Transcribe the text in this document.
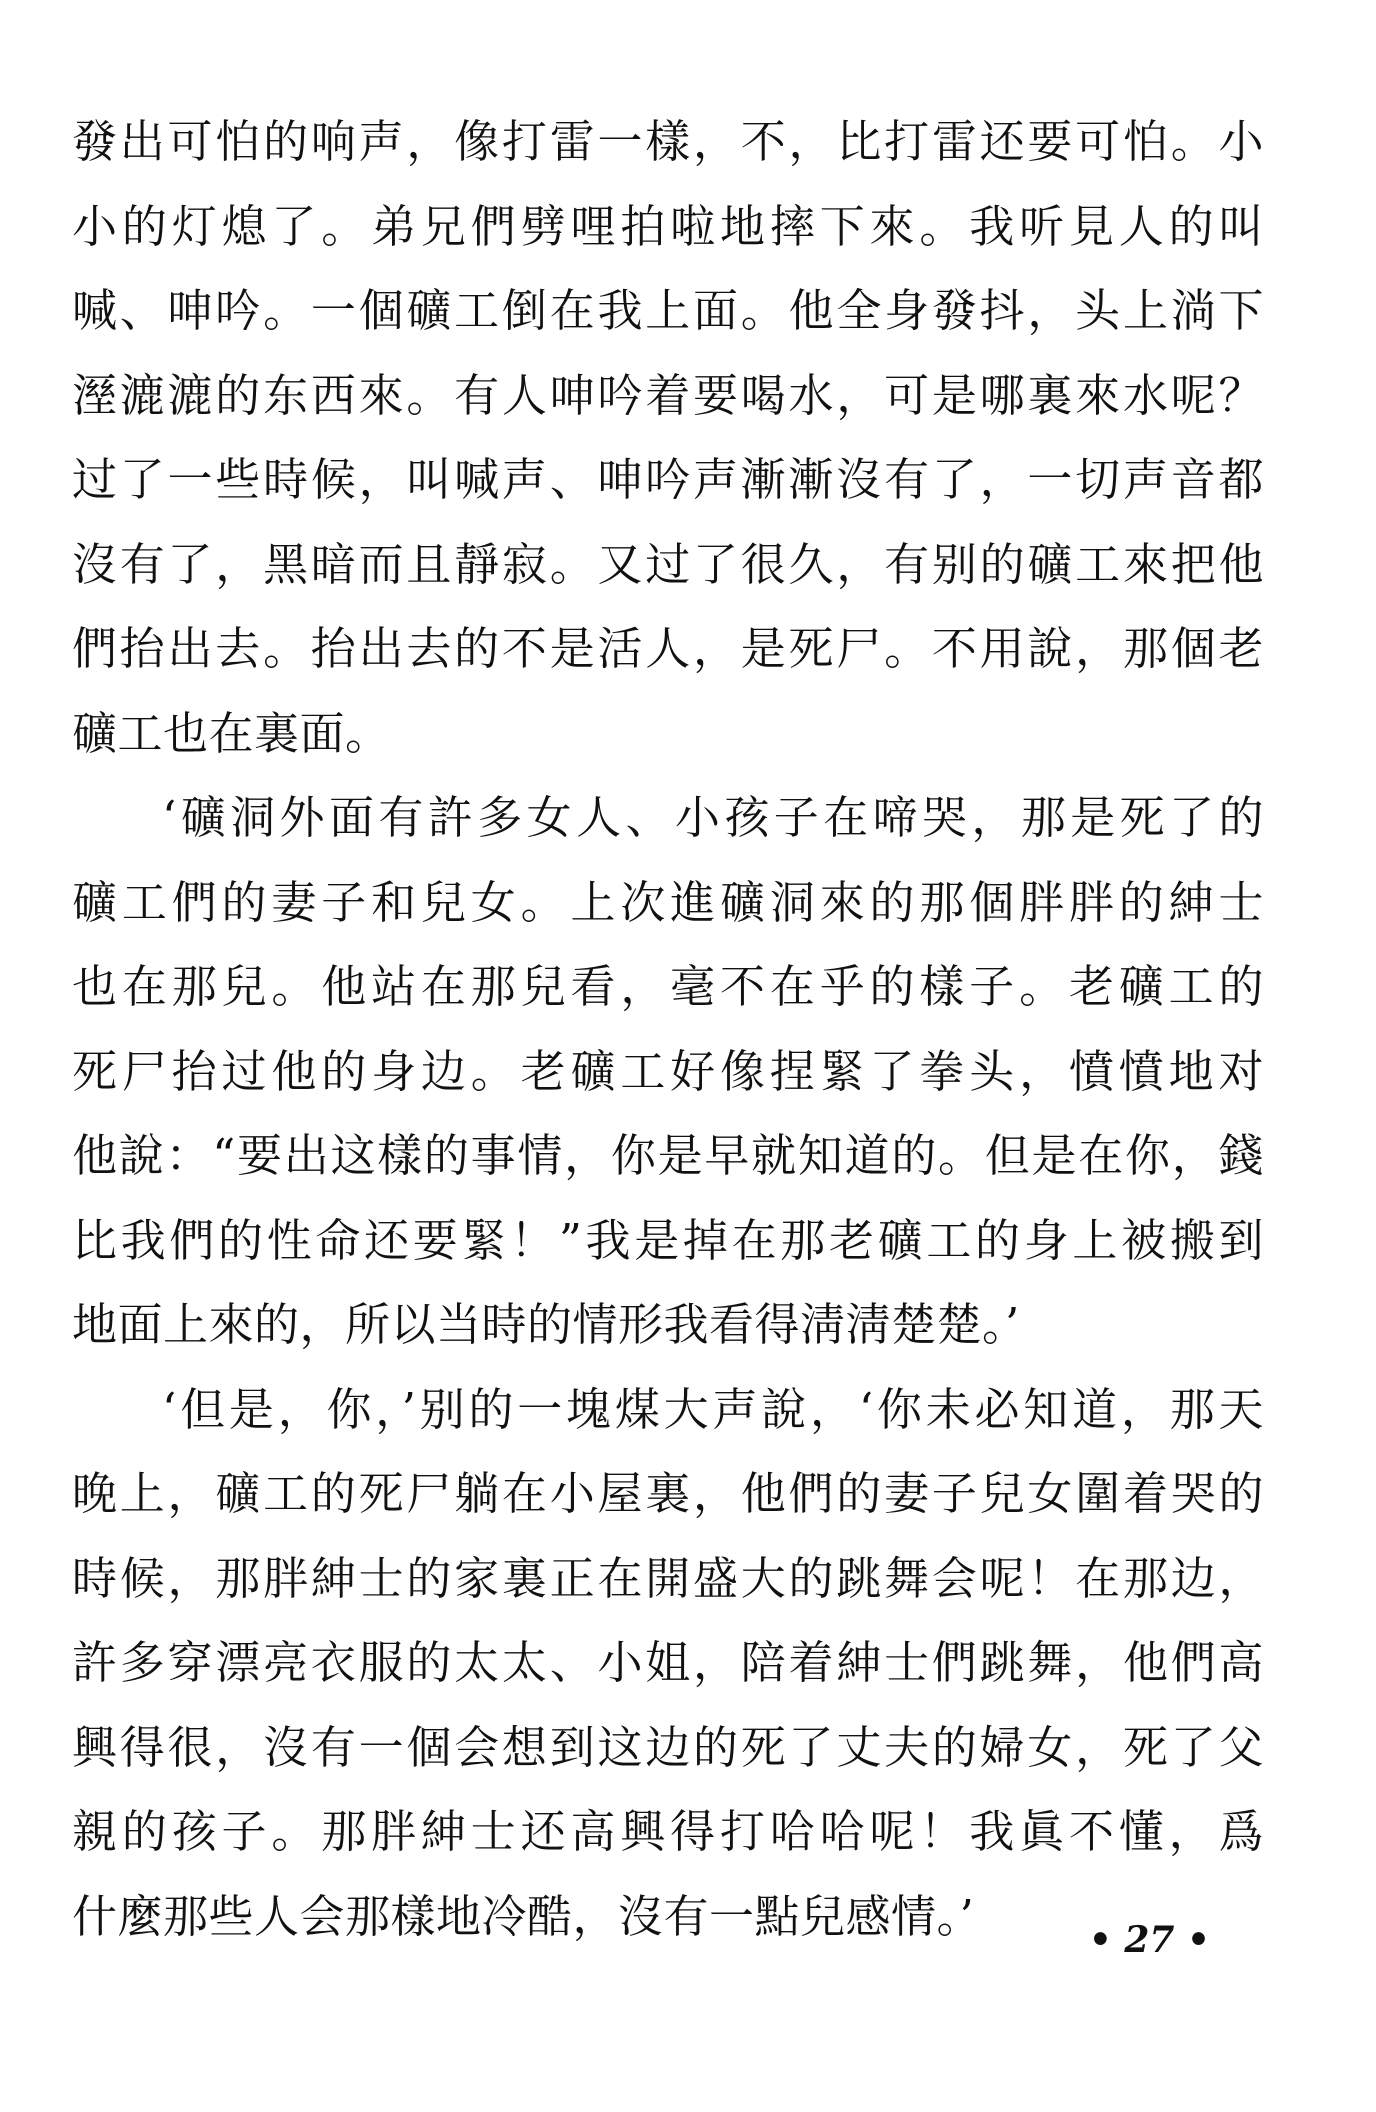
發出可怕的响声，像打雷一樣，不，比打雷还要可怕。小
小的灯熄了。弟兄們劈哩拍啦地摔下來。我听見人的叫
喊、呻吟。一個礦工倒在我上面。他全身發抖，头上淌下
溼漉漉的东西來。有人呻吟着要喝水，可是哪裏來水呢？
过了一些時候，叫喊声、呻吟声漸漸沒有了，一切声音都
沒有了，黑暗而且靜寂。又过了很久，有别的礦工來把他
們抬出去。抬出去的不是活人，是死尸。不用說，那個老
礦工也在裏面。
‘礦洞外面有許多女人、小孩子在啼哭，那是死了的
礦工們的妻子和兒女。上次進礦洞來的那個胖胖的紳士
也在那兒。他站在那兒看，毫不在乎的樣子。老礦工的
死尸抬过他的身边。老礦工好像捏緊了拳头，憤憤地对
他說：“要出这樣的事情，你是早就知道的。但是在你，錢
比我們的性命还要緊！”我是掉在那老礦工的身上被搬到
地面上來的，所以当時的情形我看得淸淸楚楚。’
‘但是，你，’别的一塊煤大声說，‘你未必知道，那天
晚上，礦工的死尸躺在小屋裏，他們的妻子兒女圍着哭的
時候，那胖紳士的家裏正在開盛大的跳舞会呢！在那边，
許多穿漂亮衣服的太太、小姐，陪着紳士們跳舞，他們高
興得很，沒有一個会想到这边的死了丈夫的婦女，死了父
親的孩子。那胖紳士还高興得打哈哈呢！我眞不懂，爲
什麼那些人会那樣地冷酷，沒有一點兒感情。’	• 27 •
